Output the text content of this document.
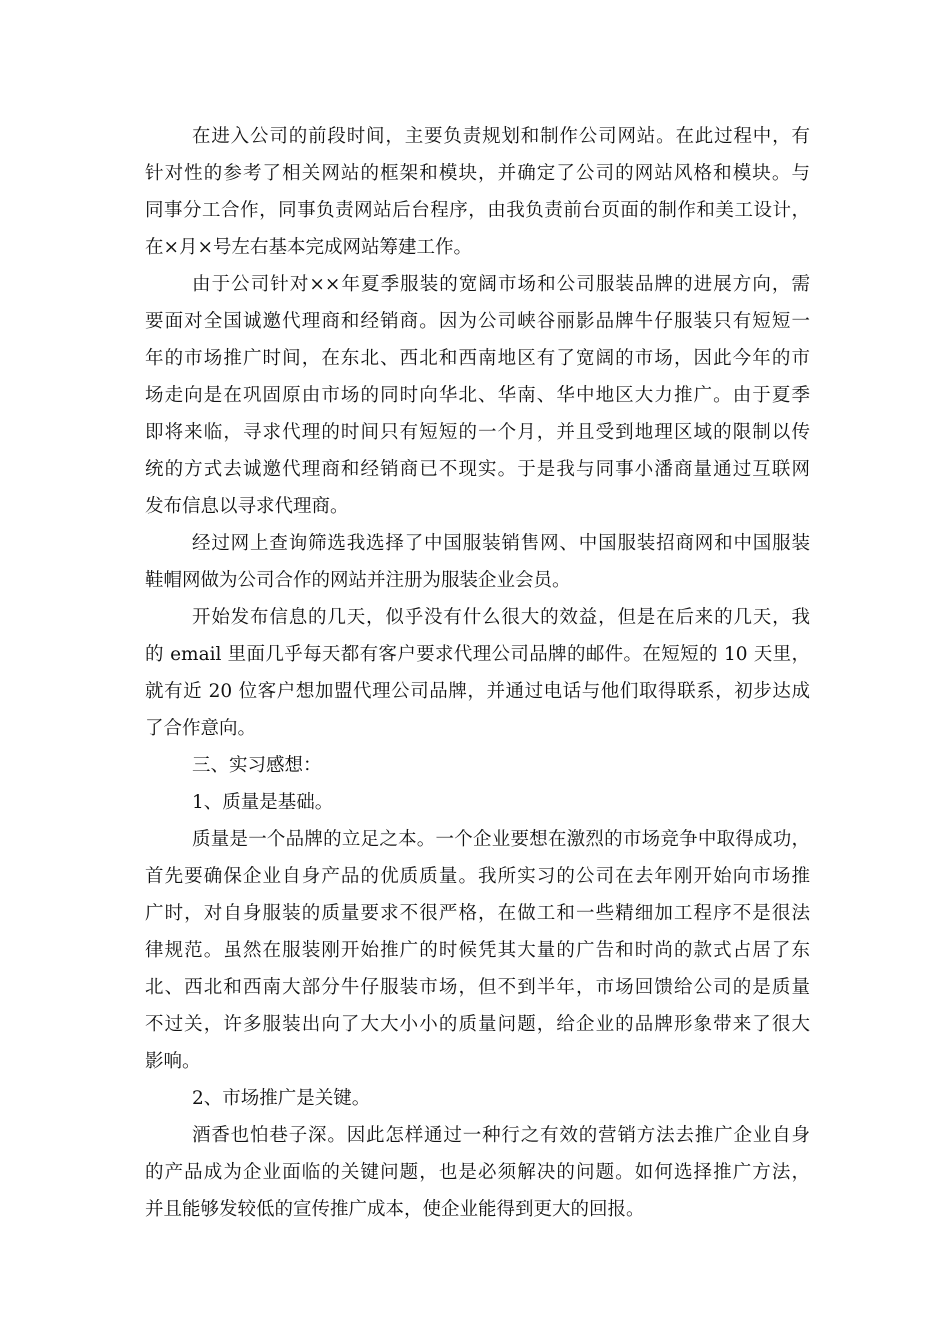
在进入公司的前段时间，主要负责规划和制作公司网站。在此过程中，有
针对性的参考了相关网站的框架和模块，并确定了公司的网站风格和模块。与
同事分工合作，同事负责网站后台程序，由我负责前台页面的制作和美工设计，
在×月×号左右基本完成网站筹建工作。
由于公司针对××年夏季服装的宽阔市场和公司服装品牌的进展方向，需
要面对全国诚邀代理商和经销商。因为公司峡谷丽影品牌牛仔服装只有短短一
年的市场推广时间，在东北、西北和西南地区有了宽阔的市场，因此今年的市
场走向是在巩固原由市场的同时向华北、华南、华中地区大力推广。由于夏季
即将来临，寻求代理的时间只有短短的一个月，并且受到地理区域的限制以传
统的方式去诚邀代理商和经销商已不现实。于是我与同事小潘商量通过互联网
发布信息以寻求代理商。
经过网上查询筛选我选择了中国服装销售网、中国服装招商网和中国服装
鞋帽网做为公司合作的网站并注册为服装企业会员。
开始发布信息的几天，似乎没有什么很大的效益，但是在后来的几天，我
的 email 里面几乎每天都有客户要求代理公司品牌的邮件。在短短的 10 天里，
就有近 20 位客户想加盟代理公司品牌，并通过电话与他们取得联系，初步达成
了合作意向。
三、实习感想：
1、质量是基础。
质量是一个品牌的立足之本。一个企业要想在激烈的市场竞争中取得成功，
首先要确保企业自身产品的优质质量。我所实习的公司在去年刚开始向市场推
广时，对自身服装的质量要求不很严格，在做工和一些精细加工程序不是很法
律规范。虽然在服装刚开始推广的时候凭其大量的广告和时尚的款式占居了东
北、西北和西南大部分牛仔服装市场，但不到半年，市场回馈给公司的是质量
不过关，许多服装出向了大大小小的质量问题，给企业的品牌形象带来了很大
影响。
2、市场推广是关键。
酒香也怕巷子深。因此怎样通过一种行之有效的营销方法去推广企业自身
的产品成为企业面临的关键问题，也是必须解决的问题。如何选择推广方法，
并且能够发较低的宣传推广成本，使企业能得到更大的回报。
